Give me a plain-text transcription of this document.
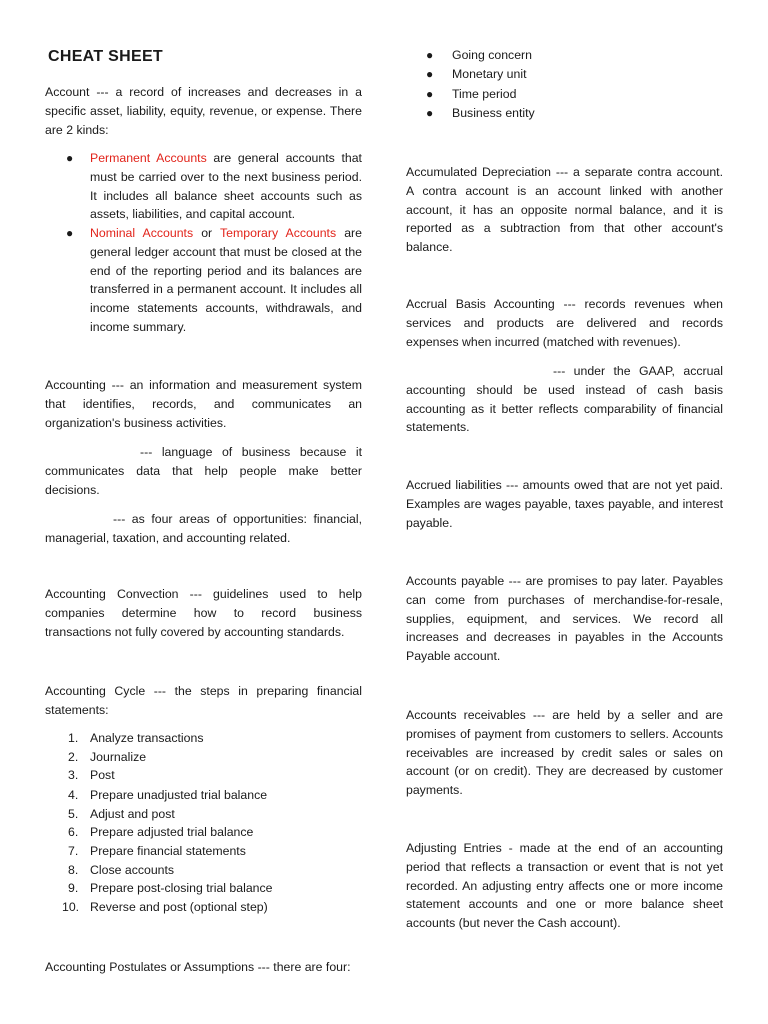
CHEAT SHEET

Account --- a record of increases and decreases in a specific asset, liability, equity, revenue, or expense. There are 2 kinds:

● Permanent Accounts are general accounts that must be carried over to the next business period. It includes all balance sheet accounts such as assets, liabilities, and capital account.

● Nominal Accounts or Temporary Accounts are general ledger account that must be closed at the end of the reporting period and its balances are transferred in a permanent account. It includes all income statements accounts, withdrawals, and income summary.

Accounting --- an information and measurement system that identifies, records, and communicates an organization's business activities.

--- language of business because it communicates data that help people make better decisions.

--- as four areas of opportunities: financial, managerial, taxation, and accounting related.

Accounting Convection --- guidelines used to help companies determine how to record business transactions not fully covered by accounting standards.

Accounting Cycle --- the steps in preparing financial statements:

1. Analyze transactions
2. Journalize
3. Post
4. Prepare unadjusted trial balance
5. Adjust and post
6. Prepare adjusted trial balance
7. Prepare financial statements
8. Close accounts
9. Prepare post-closing trial balance
10. Reverse and post (optional step)
Accounting Postulates or Assumptions --- there are four:
● Going concern
● Monetary unit
● Time period
● Business entity

Accumulated Depreciation --- a separate contra account. A contra account is an account linked with another account, it has an opposite normal balance, and it is reported as a subtraction from that other account's balance.

Accrual Basis Accounting --- records revenues when services and products are delivered and records expenses when incurred (matched with revenues).

--- under the GAAP, accrual accounting should be used instead of cash basis accounting as it better reflects comparability of financial statements.

Accrued liabilities --- amounts owed that are not yet paid. Examples are wages payable, taxes payable, and interest payable.

Accounts payable --- are promises to pay later. Payables can come from purchases of merchandise-for-resale, supplies, equipment, and services. We record all increases and decreases in payables in the Accounts Payable account.

Accounts receivables --- are held by a seller and are promises of payment from customers to sellers. Accounts receivables are increased by credit sales or sales on account (or on credit). They are decreased by customer payments.

Adjusting Entries - made at the end of an accounting period that reflects a transaction or event that is not yet recorded. An adjusting entry affects one or more income statement accounts and one or more balance sheet accounts (but never the Cash account).
